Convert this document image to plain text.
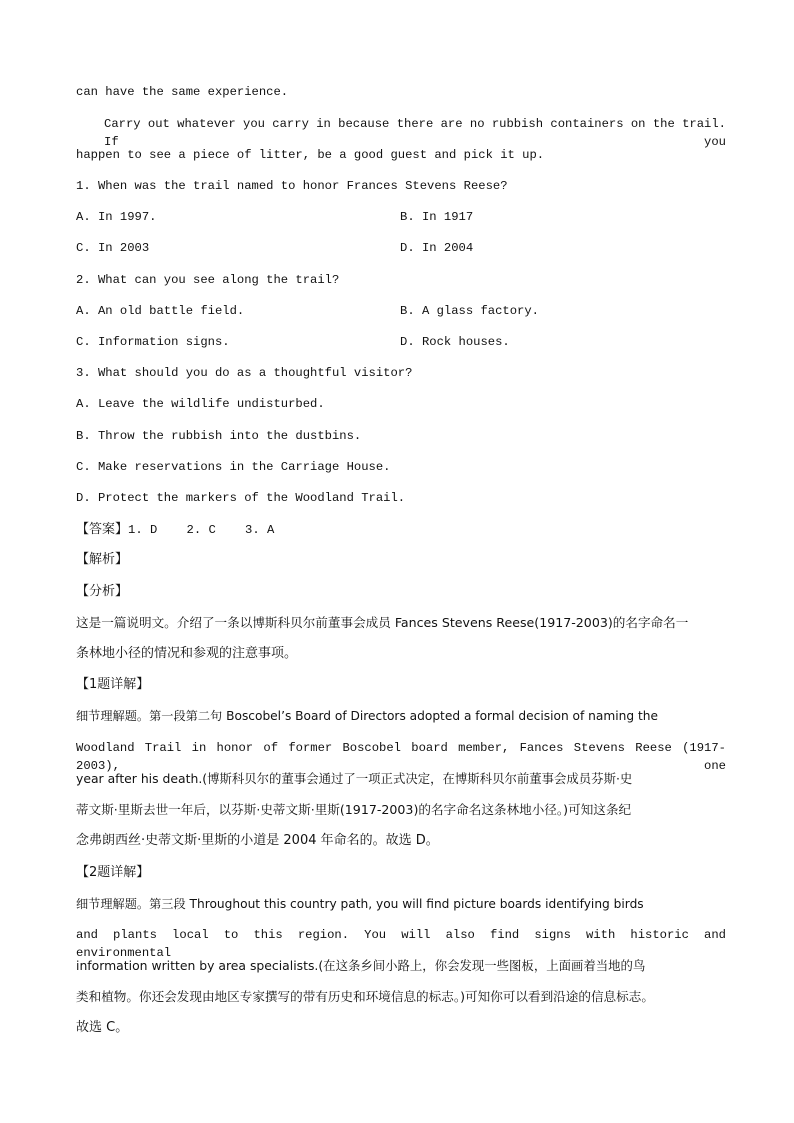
can have the same experience.
Carry out whatever you carry in because there are no rubbish containers on the trail. If you
happen to see a piece of litter, be a good guest and pick it up.
1. When was the trail named to honor Frances Stevens Reese?
A. In 1997.	B. In 1917
C. In 2003	D. In 2004
2. What can you see along the trail?
A. An old battle field.	B. A glass factory.
C. Information signs.	D. Rock houses.
3. What should you do as a thoughtful visitor?
A. Leave the wildlife undisturbed.
B. Throw the rubbish into the dustbins.
C. Make reservations in the Carriage House.
D. Protect the markers of the Woodland Trail.
【答案】1. D    2. C    3. A
【解析】
【分析】
这是一篇说明文。介绍了一条以博斯科贝尔前董事会成员 Fances Stevens Reese(1917-2003)的名字命名一
条林地小径的情况和参观的注意事项。
【1题详解】
细节理解题。第一段第二句 Boscobel’s Board of Directors adopted a formal decision of naming the
Woodland Trail in honor of former Boscobel board member, Fances Stevens Reese (1917-2003), one
year after his death.(博斯科贝尔的董事会通过了一项正式决定，在博斯科贝尔前董事会成员芬斯·史
蒂文斯·里斯去世一年后，以芬斯·史蒂文斯·里斯(1917-2003)的名字命名这条林地小径。)可知这条纪
念弗朗西丝·史蒂文斯·里斯的小道是 2004 年命名的。故选 D。
【2题详解】
细节理解题。第三段 Throughout this country path, you will find picture boards identifying birds
and plants local to this region. You will also find signs with historic and environmental
information written by area specialists.(在这条乡间小路上，你会发现一些图板，上面画着当地的鸟
类和植物。你还会发现由地区专家撰写的带有历史和环境信息的标志。)可知你可以看到沿途的信息标志。
故选 C。
